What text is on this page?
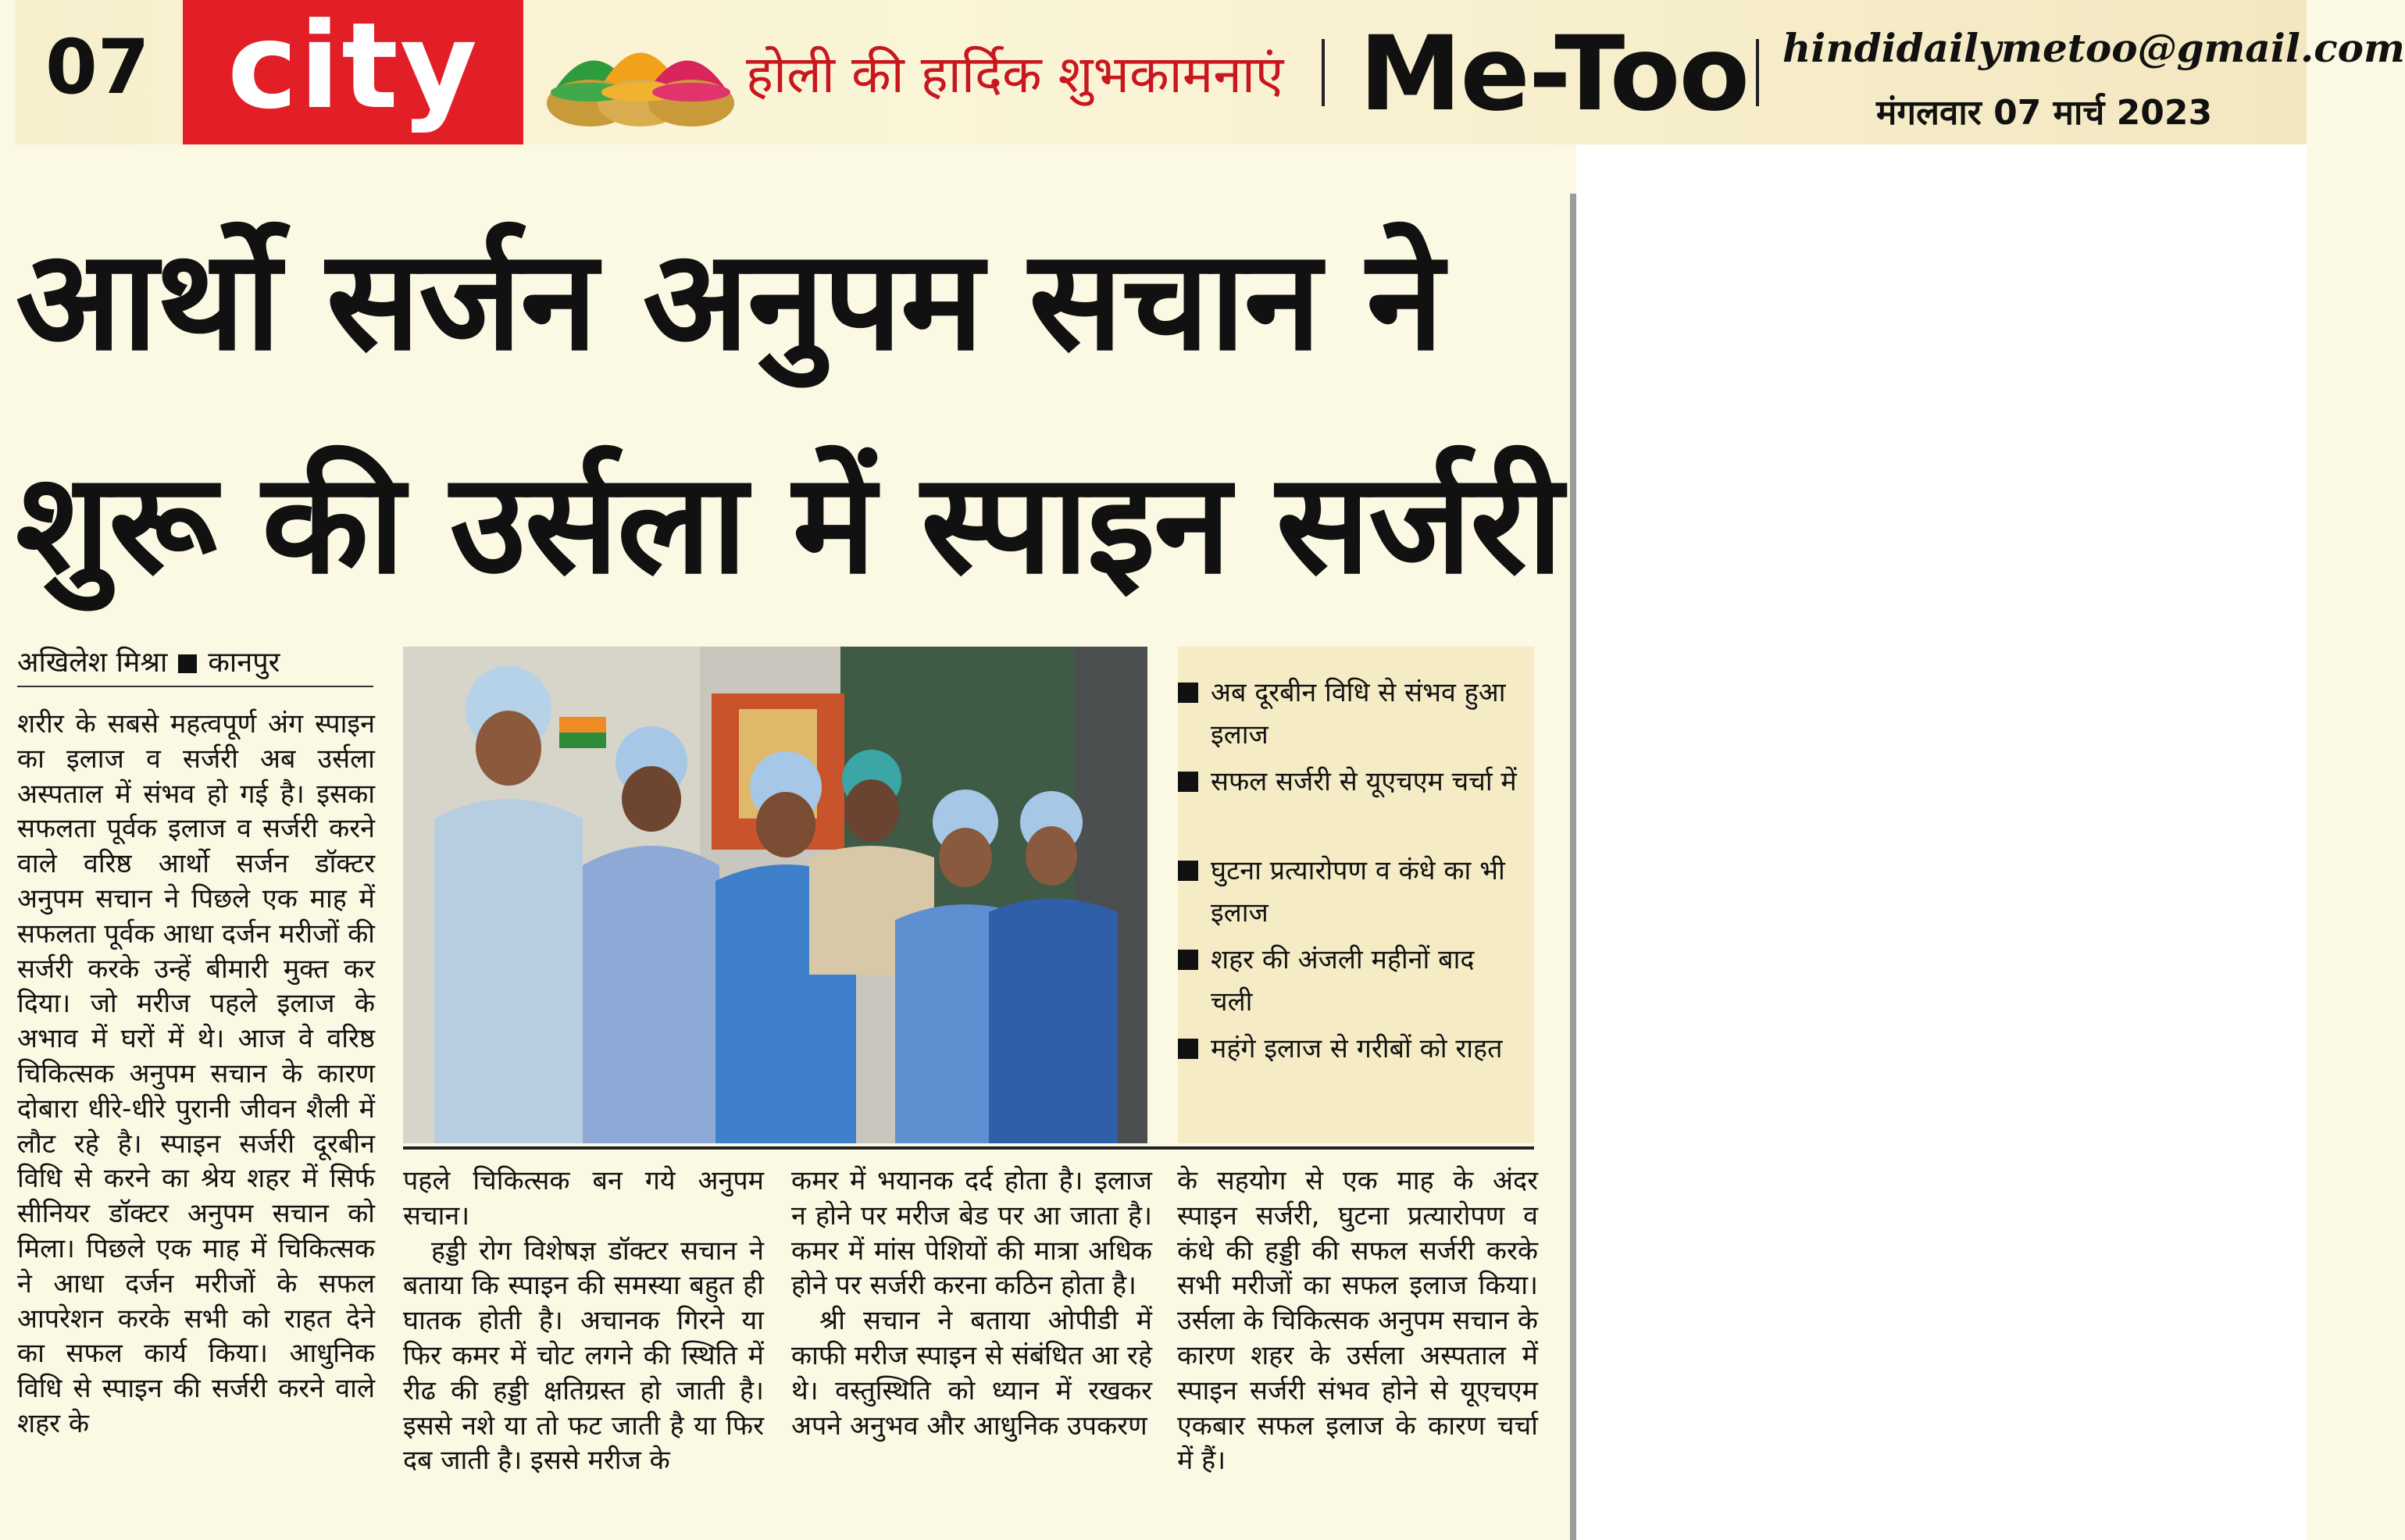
07 city	होली की हार्दिक शुभकामनाएं Me-Too hindidailymetoo@gmail.com
मंगलवार 07 मार्च 2023
आर्थो सर्जन अनुपम सचान ने
शुरू की उर्सला में स्पाइन सर्जरी
अखिलेश मिश्रा कानपुर

शरीर के सबसे महत्वपूर्ण अंग स्पाइन का इलाज व सर्जरी अब उर्सला अस्पताल में संभव हो गई है। इसका सफलता पूर्वक इलाज व सर्जरी करने वाले वरिष्ठ आर्थो सर्जन डॉक्टर अनुपम सचान ने पिछले एक माह में सफलता पूर्वक आधा दर्जन मरीजों की सर्जरी करके उन्हें बीमारी मुक्त कर दिया। जो मरीज पहले इलाज के अभाव में घरों में थे। आज वे वरिष्ठ चिकित्सक अनुपम सचान के कारण दोबारा धीरे-धीरे पुरानी जीवन शैली में लौट रहे है। स्पाइन सर्जरी दूरबीन विधि से करने का श्रेय शहर में सिर्फ सीनियर डॉक्टर अनुपम सचान को मिला। पिछले एक माह में चिकित्सक ने आधा दर्जन मरीजों के सफल आपरेशन करके सभी को राहत देने का सफल कार्य किया। आधुनिक विधि से स्पाइन की सर्जरी करने वाले शहर के

अब दूरबीन विधि से संभव हुआ इलाज
सफल सर्जरी से यूएचएम चर्चा में
घुटना प्रत्यारोपण व कंधे का भी इलाज
शहर की अंजली महीनों बाद चली
महंगे इलाज से गरीबों को राहत

पहले चिकित्सक बन गये अनुपम सचान।

हड्डी रोग विशेषज्ञ डॉक्टर सचान ने बताया कि स्पाइन की समस्या बहुत ही घातक होती है। अचानक गिरने या फिर कमर में चोट लगने की स्थिति में रीढ की हड्डी क्षतिग्रस्त हो जाती है। इससे नशे या तो फट जाती है या फिर दब जाती है। इससे मरीज के

कमर में भयानक दर्द होता है। इलाज न होने पर मरीज बेड पर आ जाता है। कमर में मांस पेशियों की मात्रा अधिक होने पर सर्जरी करना कठिन होता है।

श्री सचान ने बताया ओपीडी में काफी मरीज स्पाइन से संबंधित आ रहे थे। वस्तुस्थिति को ध्यान में रखकर अपने अनुभव और आधुनिक उपकरण

के सहयोग से एक माह के अंदर स्पाइन सर्जरी, घुटना प्रत्यारोपण व कंधे की हड्डी की सफल सर्जरी करके सभी मरीजों का सफल इलाज किया। उर्सला के चिकित्सक अनुपम सचान के कारण शहर के उर्सला अस्पताल में स्पाइन सर्जरी संभव होने से यूएचएम एकबार सफल इलाज के कारण चर्चा में हैं।
